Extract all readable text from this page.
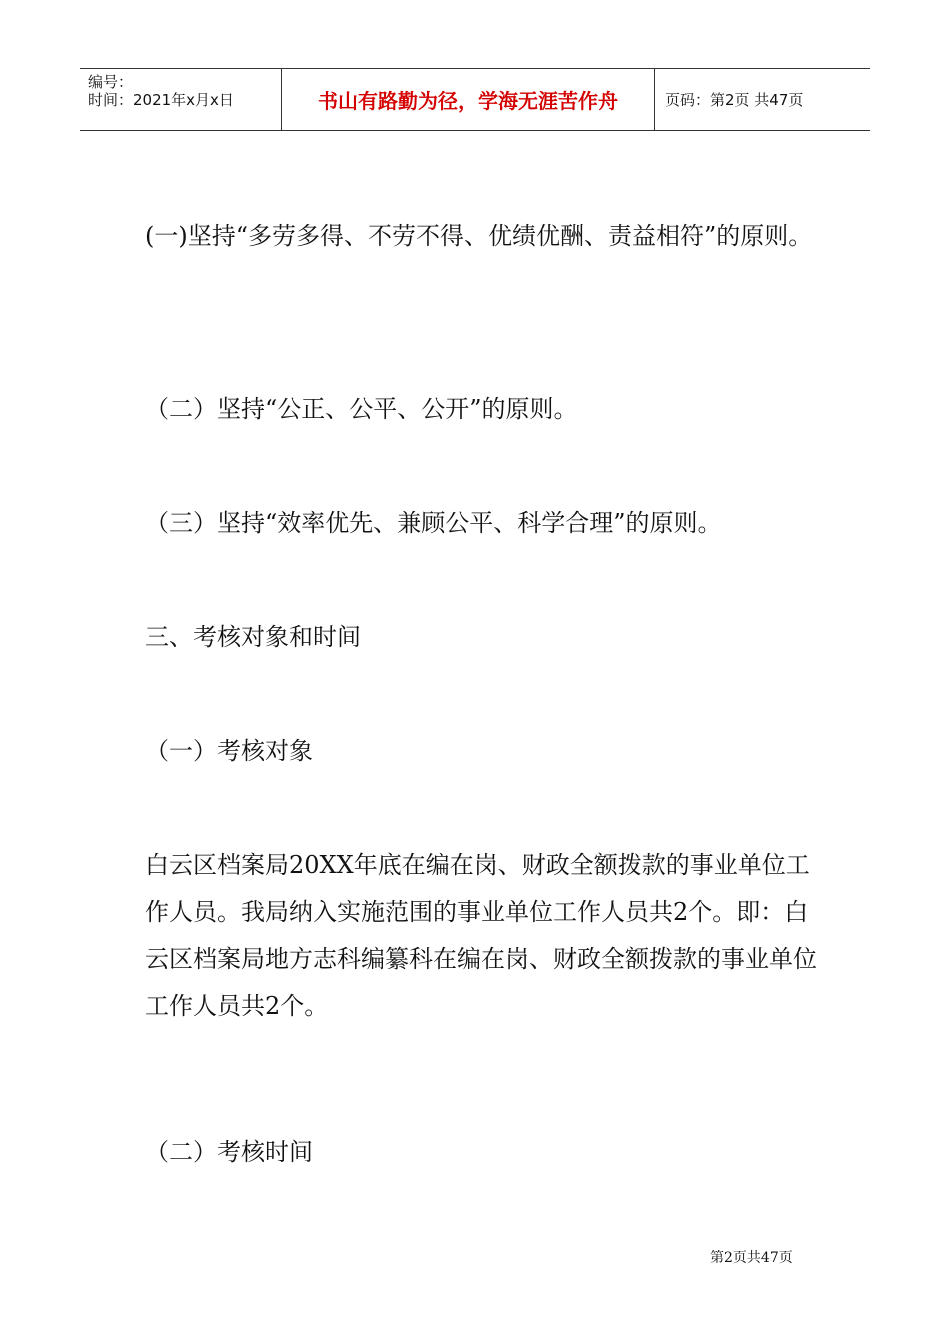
编号：
时间：2021年x月x日	书山有路勤为径，学海无涯苦作舟	页码：第2页 共47页

(一)坚持“多劳多得、不劳不得、优绩优酬、责益相符”的原则。

（二）坚持“公正、公平、公开”的原则。

（三）坚持“效率优先、兼顾公平、科学合理”的原则。

三、考核对象和时间

（一）考核对象

白云区档案局20XX年底在编在岗、财政全额拨款的事业单位工作人员。我局纳入实施范围的事业单位工作人员共2个。即：白云区档案局地方志科编纂科在编在岗、财政全额拨款的事业单位工作人员共2个。

（二）考核时间

第2页共47页
